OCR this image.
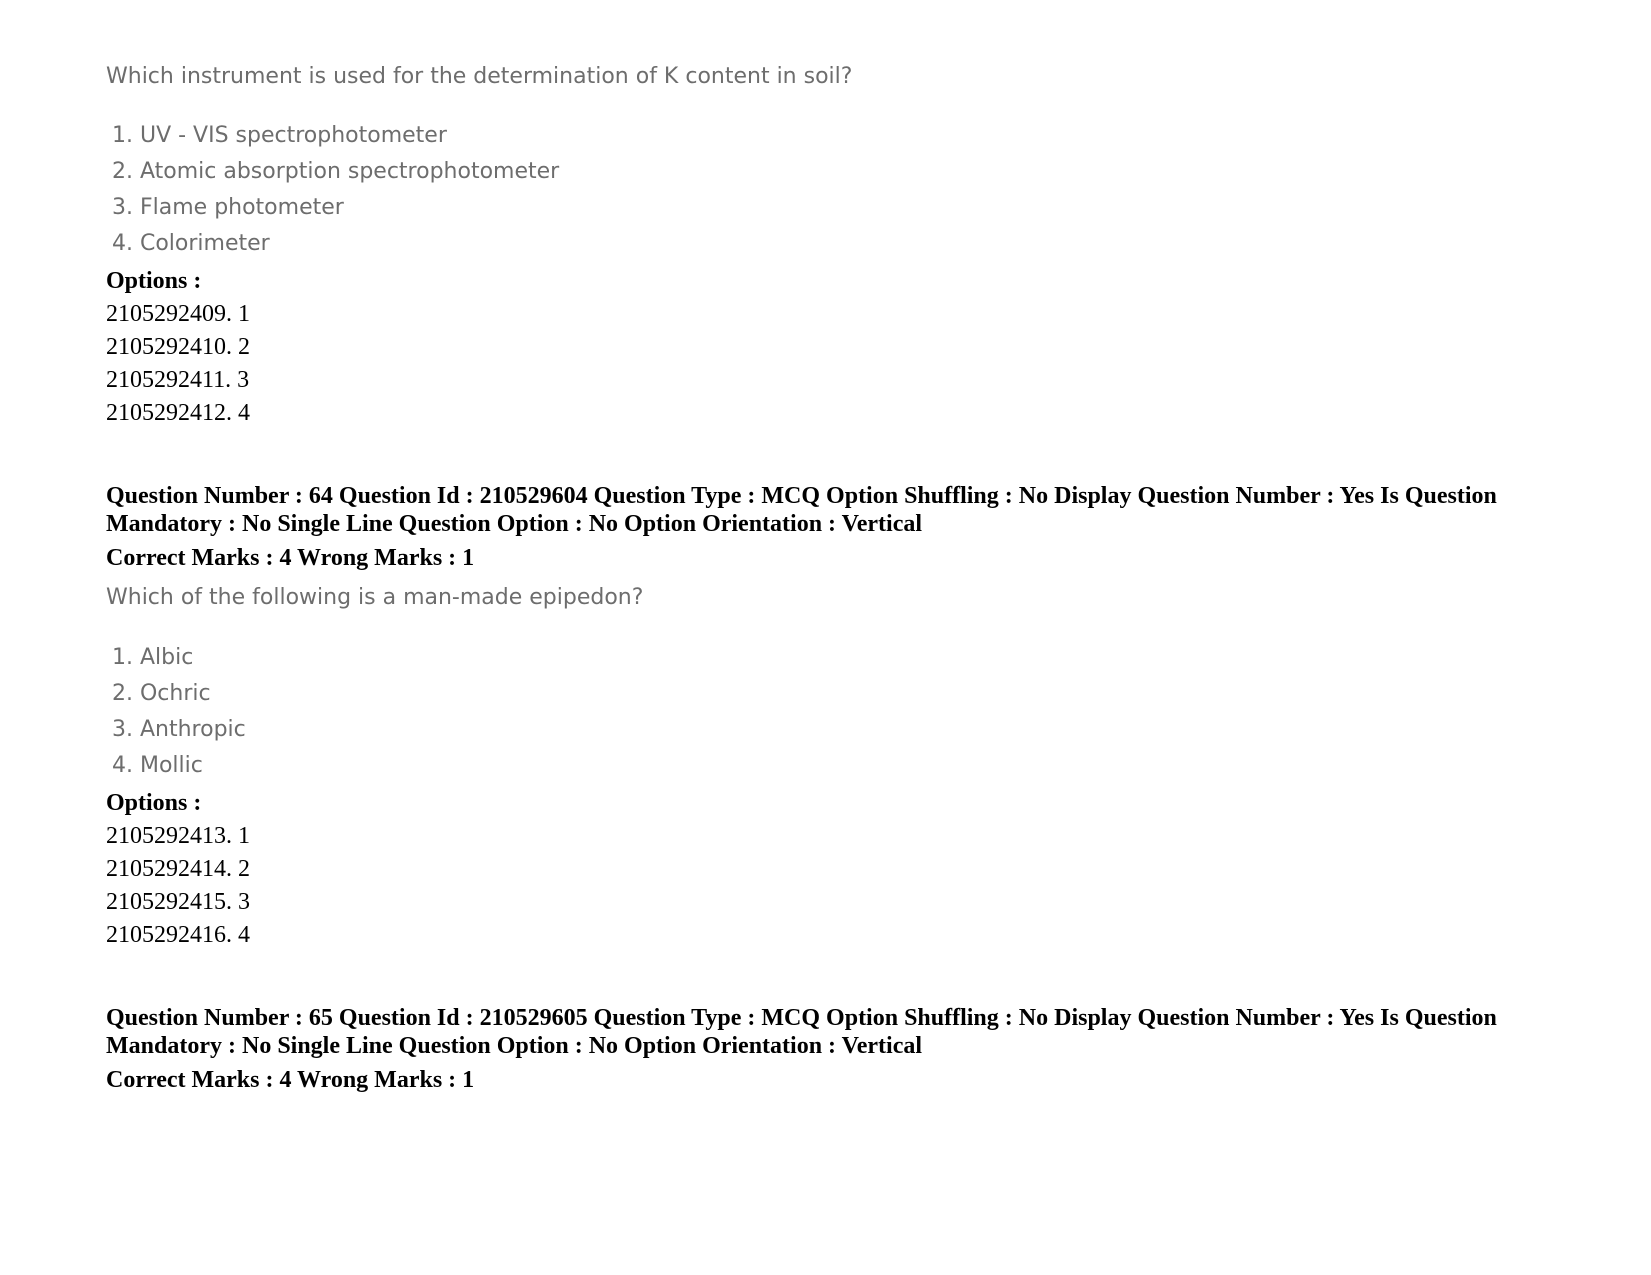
Which instrument is used for the determination of K content in soil?
1. UV - VIS spectrophotometer
2. Atomic absorption spectrophotometer
3. Flame photometer
4. Colorimeter
Options :
2105292409. 1
2105292410. 2
2105292411. 3
2105292412. 4
Question Number : 64 Question Id : 210529604 Question Type : MCQ Option Shuffling : No Display Question Number : Yes Is Question Mandatory : No Single Line Question Option : No Option Orientation : Vertical
Correct Marks : 4 Wrong Marks : 1
Which of the following is a man-made epipedon?
1. Albic
2. Ochric
3. Anthropic
4. Mollic
Options :
2105292413. 1
2105292414. 2
2105292415. 3
2105292416. 4
Question Number : 65 Question Id : 210529605 Question Type : MCQ Option Shuffling : No Display Question Number : Yes Is Question Mandatory : No Single Line Question Option : No Option Orientation : Vertical
Correct Marks : 4 Wrong Marks : 1
